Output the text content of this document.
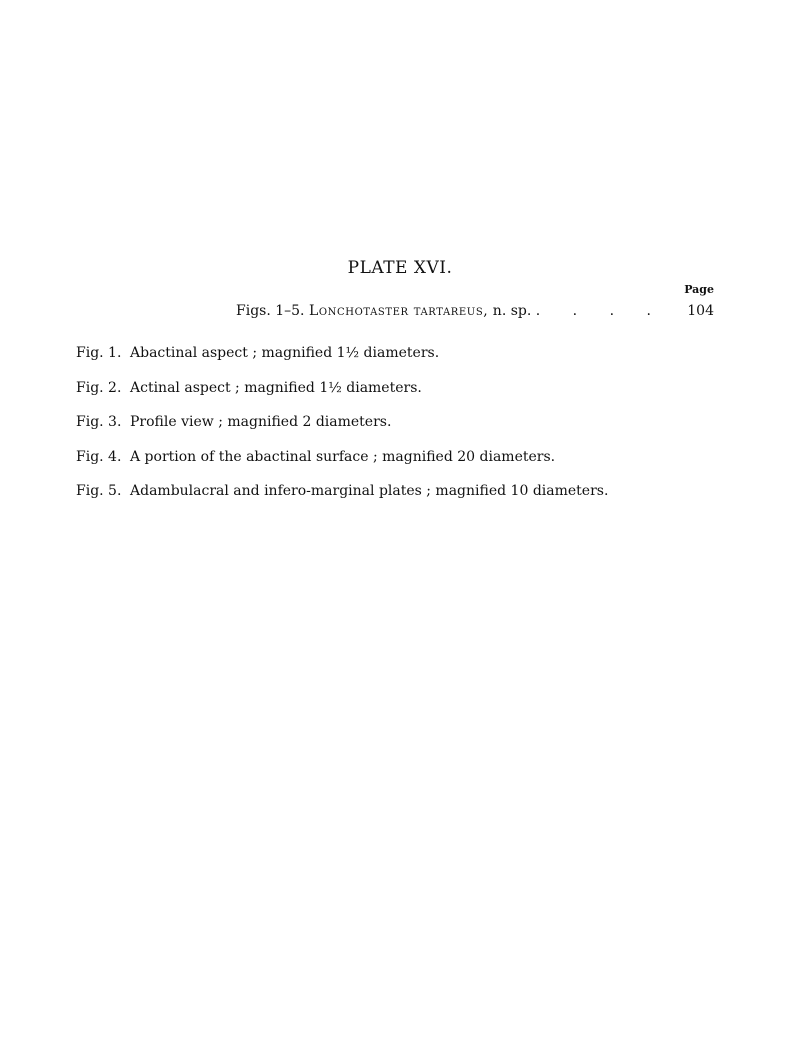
PLATE XVI.
Page
Figs. 1–5. Lonchotaster tartareus, n. sp. . . . . 104
Fig. 1. Abactinal aspect ; magnified 1½ diameters.
Fig. 2. Actinal aspect ; magnified 1½ diameters.
Fig. 3. Profile view ; magnified 2 diameters.
Fig. 4. A portion of the abactinal surface ; magnified 20 diameters.
Fig. 5. Adambulacral and infero-marginal plates ; magnified 10 diameters.
